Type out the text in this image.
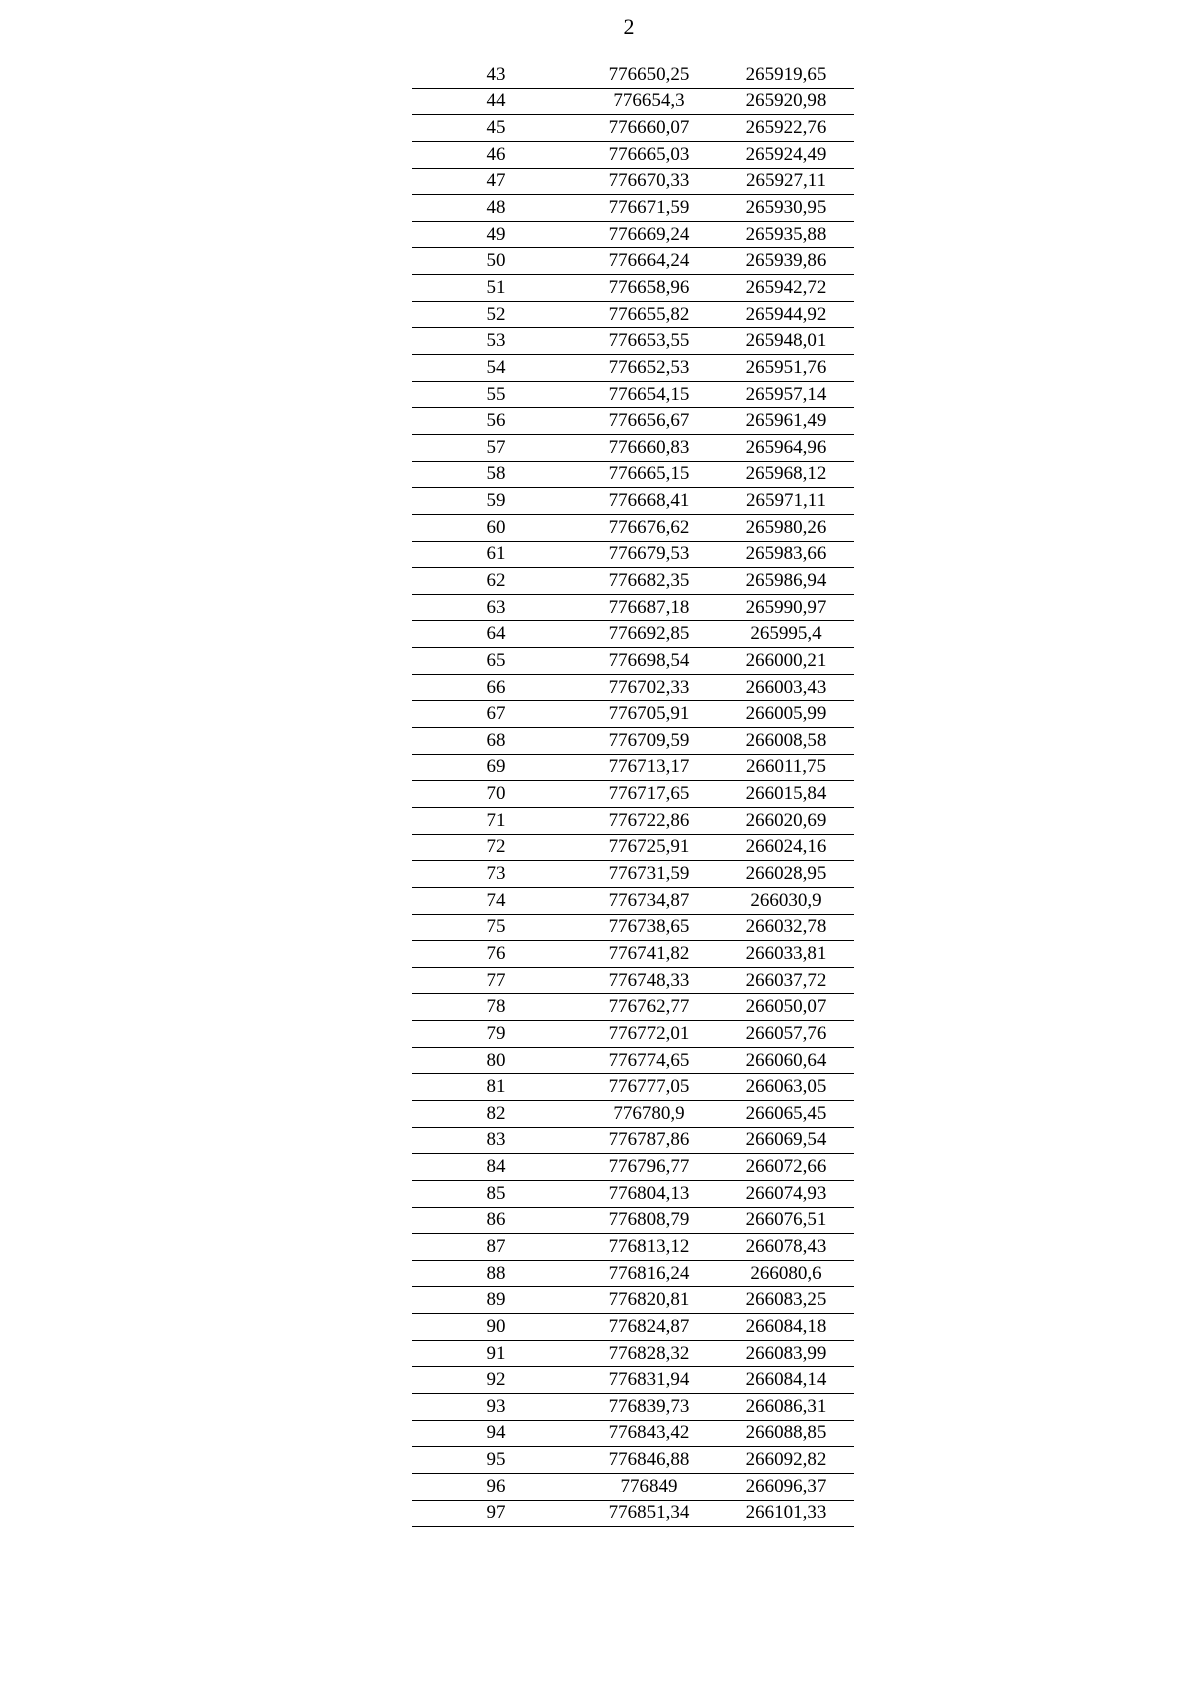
2
43	776650,25	265919,65
44	776654,3	265920,98
45	776660,07	265922,76
46	776665,03	265924,49
47	776670,33	265927,11
48	776671,59	265930,95
49	776669,24	265935,88
50	776664,24	265939,86
51	776658,96	265942,72
52	776655,82	265944,92
53	776653,55	265948,01
54	776652,53	265951,76
55	776654,15	265957,14
56	776656,67	265961,49
57	776660,83	265964,96
58	776665,15	265968,12
59	776668,41	265971,11
60	776676,62	265980,26
61	776679,53	265983,66
62	776682,35	265986,94
63	776687,18	265990,97
64	776692,85	265995,4
65	776698,54	266000,21
66	776702,33	266003,43
67	776705,91	266005,99
68	776709,59	266008,58
69	776713,17	266011,75
70	776717,65	266015,84
71	776722,86	266020,69
72	776725,91	266024,16
73	776731,59	266028,95
74	776734,87	266030,9
75	776738,65	266032,78
76	776741,82	266033,81
77	776748,33	266037,72
78	776762,77	266050,07
79	776772,01	266057,76
80	776774,65	266060,64
81	776777,05	266063,05
82	776780,9	266065,45
83	776787,86	266069,54
84	776796,77	266072,66
85	776804,13	266074,93
86	776808,79	266076,51
87	776813,12	266078,43
88	776816,24	266080,6
89	776820,81	266083,25
90	776824,87	266084,18
91	776828,32	266083,99
92	776831,94	266084,14
93	776839,73	266086,31
94	776843,42	266088,85
95	776846,88	266092,82
96	776849	266096,37
97	776851,34	266101,33
